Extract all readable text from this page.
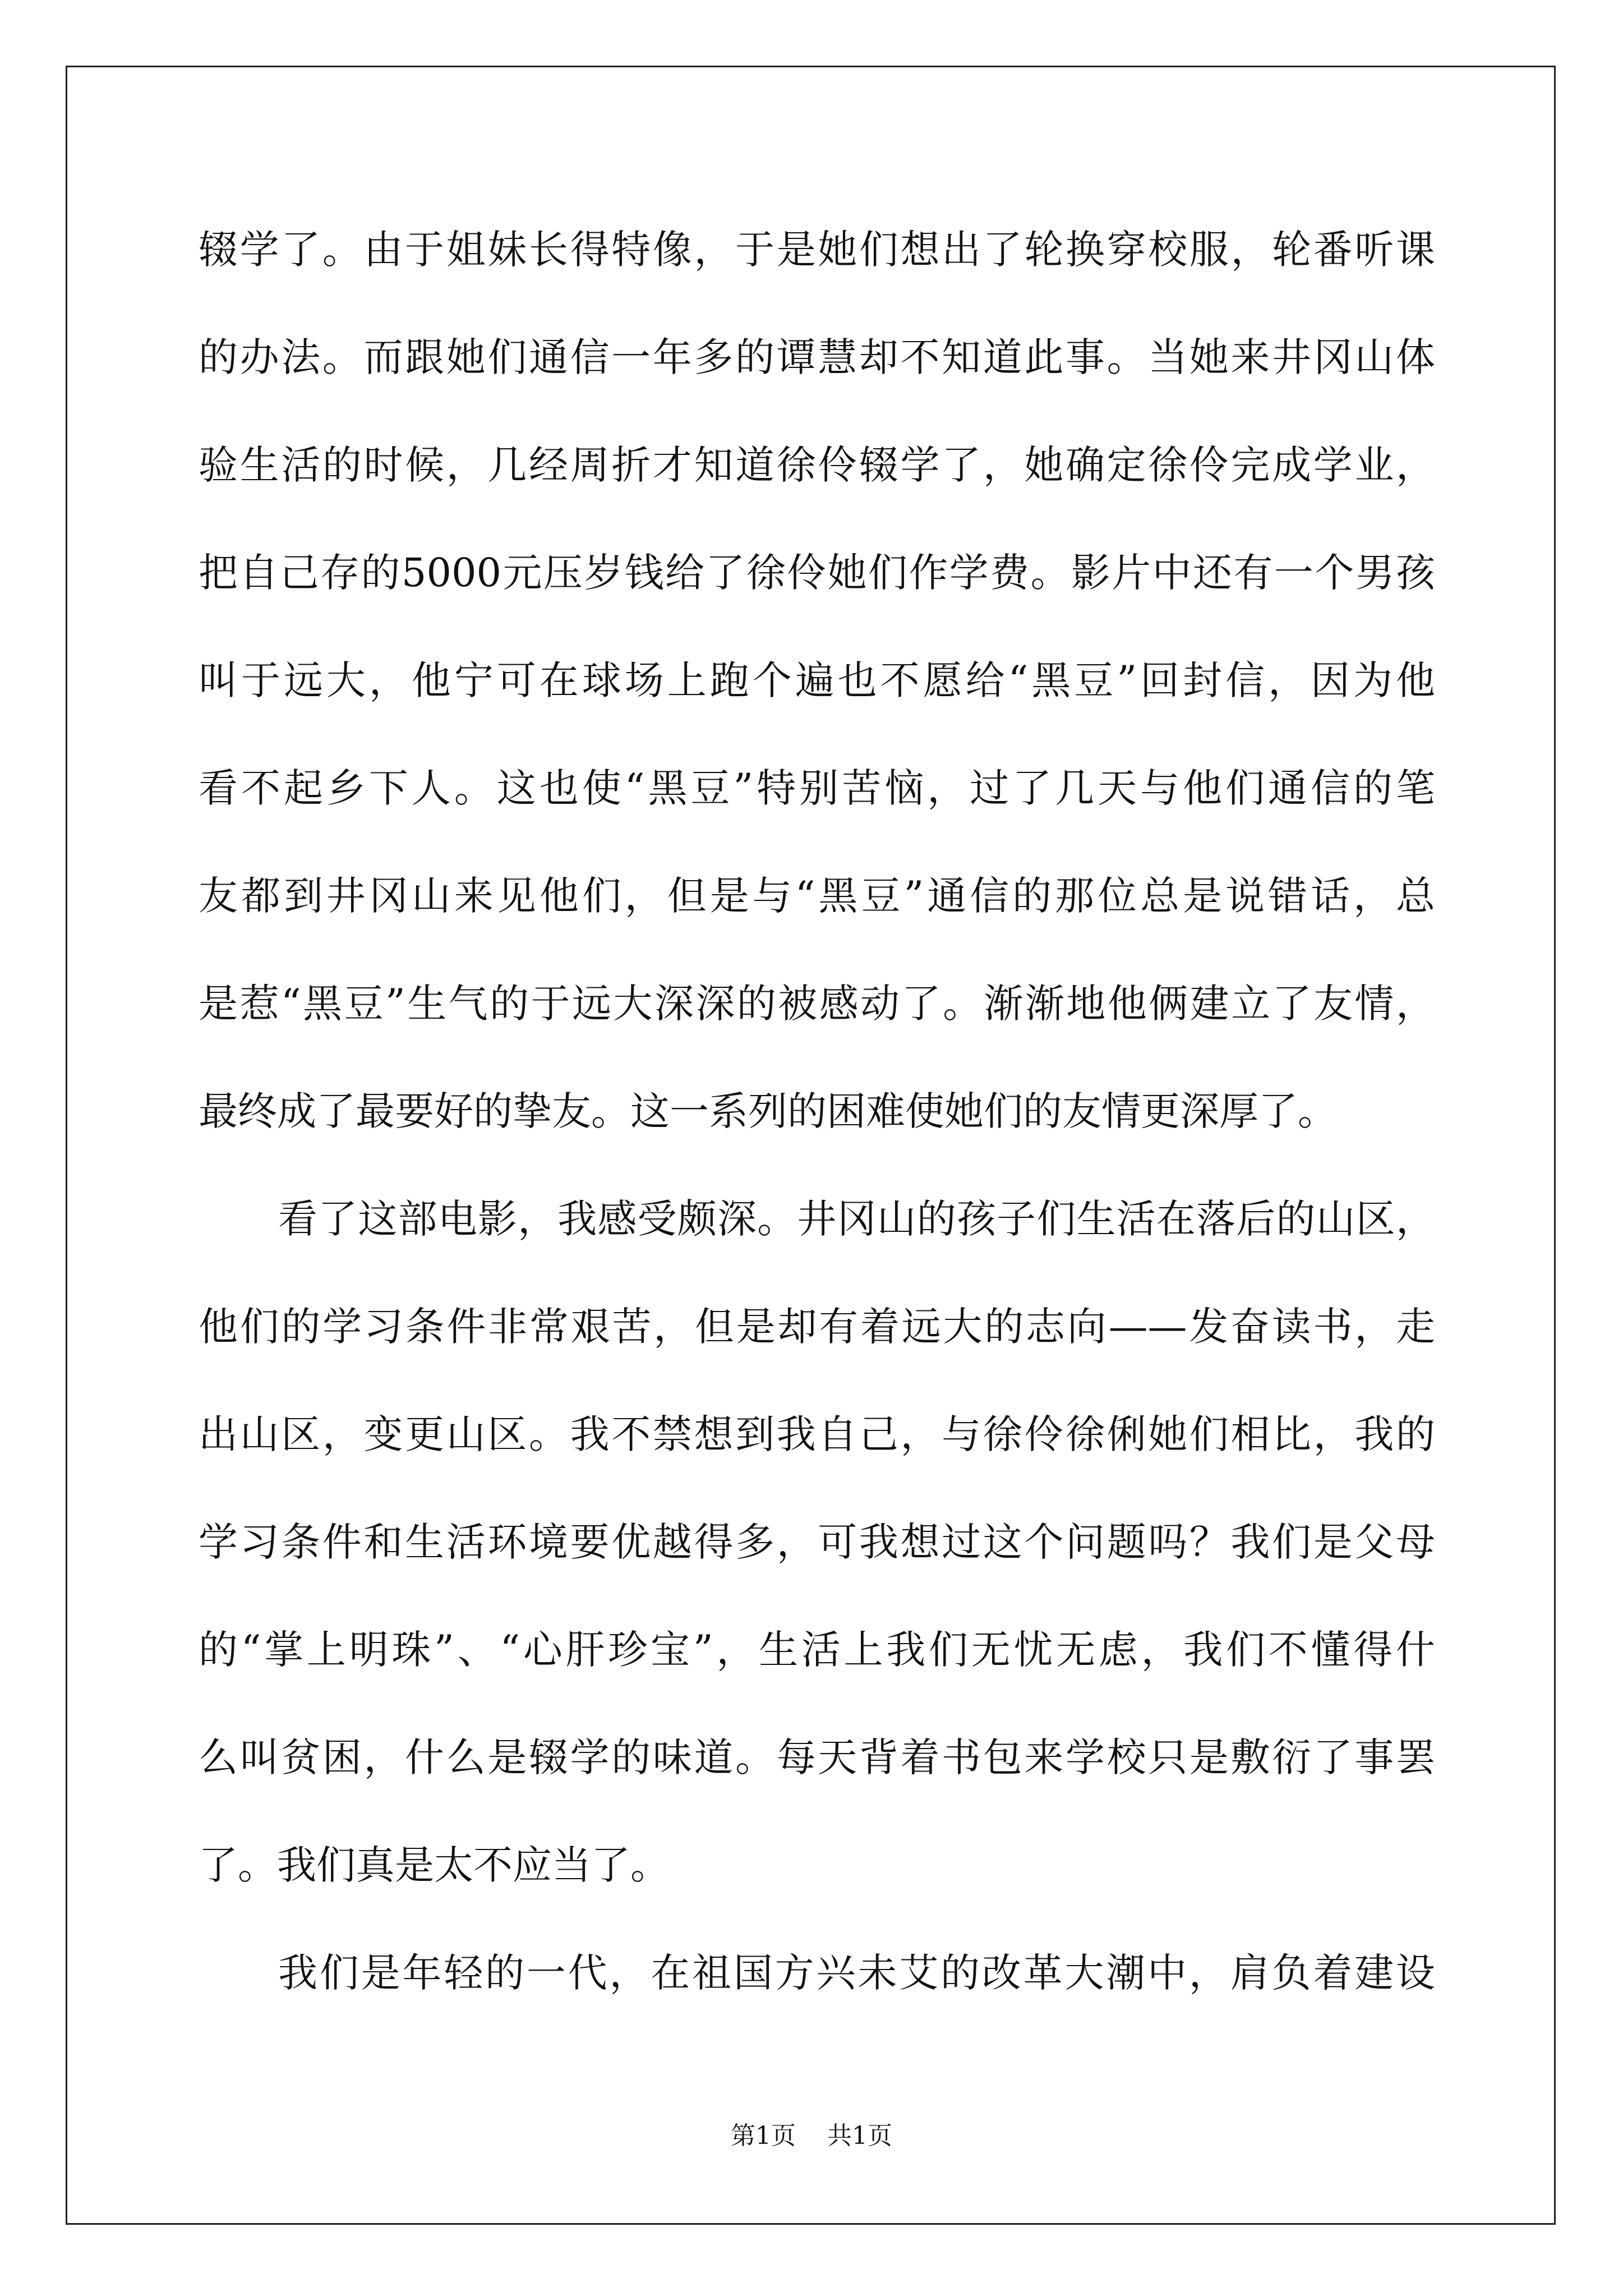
辍学了。由于姐妹长得特像，于是她们想出了轮换穿校服，轮番听课
的办法。而跟她们通信一年多的谭慧却不知道此事。当她来井冈山体
验生活的时候，几经周折才知道徐伶辍学了，她确定徐伶完成学业，
把自己存的5000元压岁钱给了徐伶她们作学费。影片中还有一个男孩
叫于远大，他宁可在球场上跑个遍也不愿给“黑豆”回封信，因为他
看不起乡下人。这也使“黑豆”特别苦恼，过了几天与他们通信的笔
友都到井冈山来见他们，但是与“黑豆”通信的那位总是说错话，总
是惹“黑豆”生气的于远大深深的被感动了。渐渐地他俩建立了友情，
最终成了最要好的挚友。这一系列的困难使她们的友情更深厚了。
看了这部电影，我感受颇深。井冈山的孩子们生活在落后的山区，
他们的学习条件非常艰苦，但是却有着远大的志向——发奋读书，走
出山区，变更山区。我不禁想到我自己，与徐伶徐俐她们相比，我的
学习条件和生活环境要优越得多，可我想过这个问题吗？我们是父母
的“掌上明珠”、“心肝珍宝”，生活上我们无忧无虑，我们不懂得什
么叫贫困，什么是辍学的味道。每天背着书包来学校只是敷衍了事罢
了。我们真是太不应当了。
我们是年轻的一代，在祖国方兴未艾的改革大潮中，肩负着建设
第1页 共1页
